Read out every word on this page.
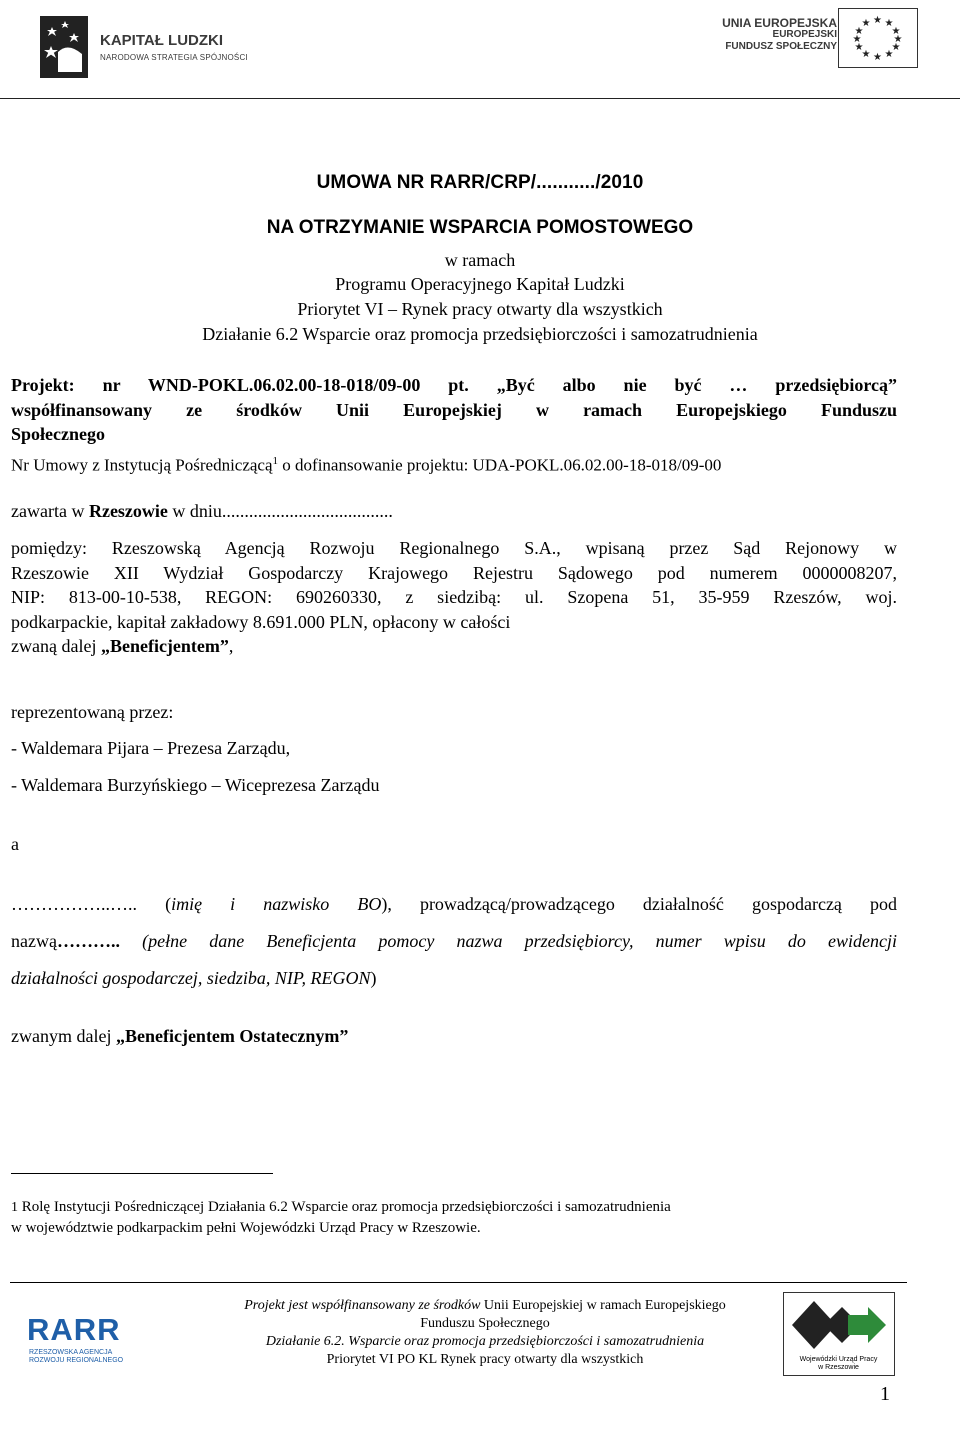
KAPITAŁ LUDZKI
NARODOWA STRATEGIA SPÓJNOŚCI
UNIA EUROPEJSKA
EUROPEJSKI
FUNDUSZ SPOŁECZNY
★ ★
★
★
★
★
★
★
★
★
★
★
UMOWA NR RARR/CRP/.........../2010
NA OTRZYMANIE WSPARCIA POMOSTOWEGO
w ramach
Programu Operacyjnego Kapitał Ludzki
Priorytet VI – Rynek pracy otwarty dla wszystkich
Działanie 6.2 Wsparcie oraz promocja przedsiębiorczości i samozatrudnienia
Projekt: nr WND-POKL.06.02.00-18-018/09-00 pt. „Być albo nie być … przedsiębiorcą”
współfinansowany ze środków Unii Europejskiej w ramach Europejskiego Funduszu
Społecznego
Nr Umowy z Instytucją Pośredniczącą$^1$ o dofinansowanie projektu: UDA-POKL.06.02.00-18-018/09-00
zawarta w Rzeszowie w dniu......................................
pomiędzy: Rzeszowską Agencją Rozwoju Regionalnego S.A., wpisaną przez Sąd Rejonowy w
Rzeszowie XII Wydział Gospodarczy Krajowego Rejestru Sądowego pod numerem 0000008207,
NIP: 813-00-10-538, REGON: 690260330, z siedzibą: ul. Szopena 51, 35-959 Rzeszów, woj.
podkarpackie, kapitał zakładowy 8.691.000 PLN, opłacony w całości
zwaną dalej „Beneficjentem”,
reprezentowaną przez:
- Waldemara Pijara – Prezesa Zarządu,
- Waldemara Burzyńskiego – Wiceprezesa Zarządu
a
……………..….. (imię i nazwisko BO), prowadzącą/prowadzącego działalność gospodarczą pod
nazwą……….. (pełne dane Beneficjenta pomocy nazwa przedsiębiorcy, numer wpisu do ewidencji
działalności gospodarczej, siedziba, NIP, REGON)
zwanym dalej „Beneficjentem Ostatecznym”
1 Rolę Instytucji Pośredniczącej Działania 6.2 Wsparcie oraz promocja przedsiębiorczości i samozatrudnienia
w województwie podkarpackim pełni Wojewódzki Urząd Pracy w Rzeszowie.
RARR
RZESZOWSKA AGENCJA
ROZWOJU REGIONALNEGO
Projekt jest współfinansowany ze środków Unii Europejskiej w ramach Europejskiego
Funduszu Społecznego
Działanie 6.2. Wsparcie oraz promocja przedsiębiorczości i samozatrudnienia
Priorytet VI PO KL Rynek pracy otwarty dla wszystkich	Wojewódzki Urząd Pracy
w Rzeszowie
1
